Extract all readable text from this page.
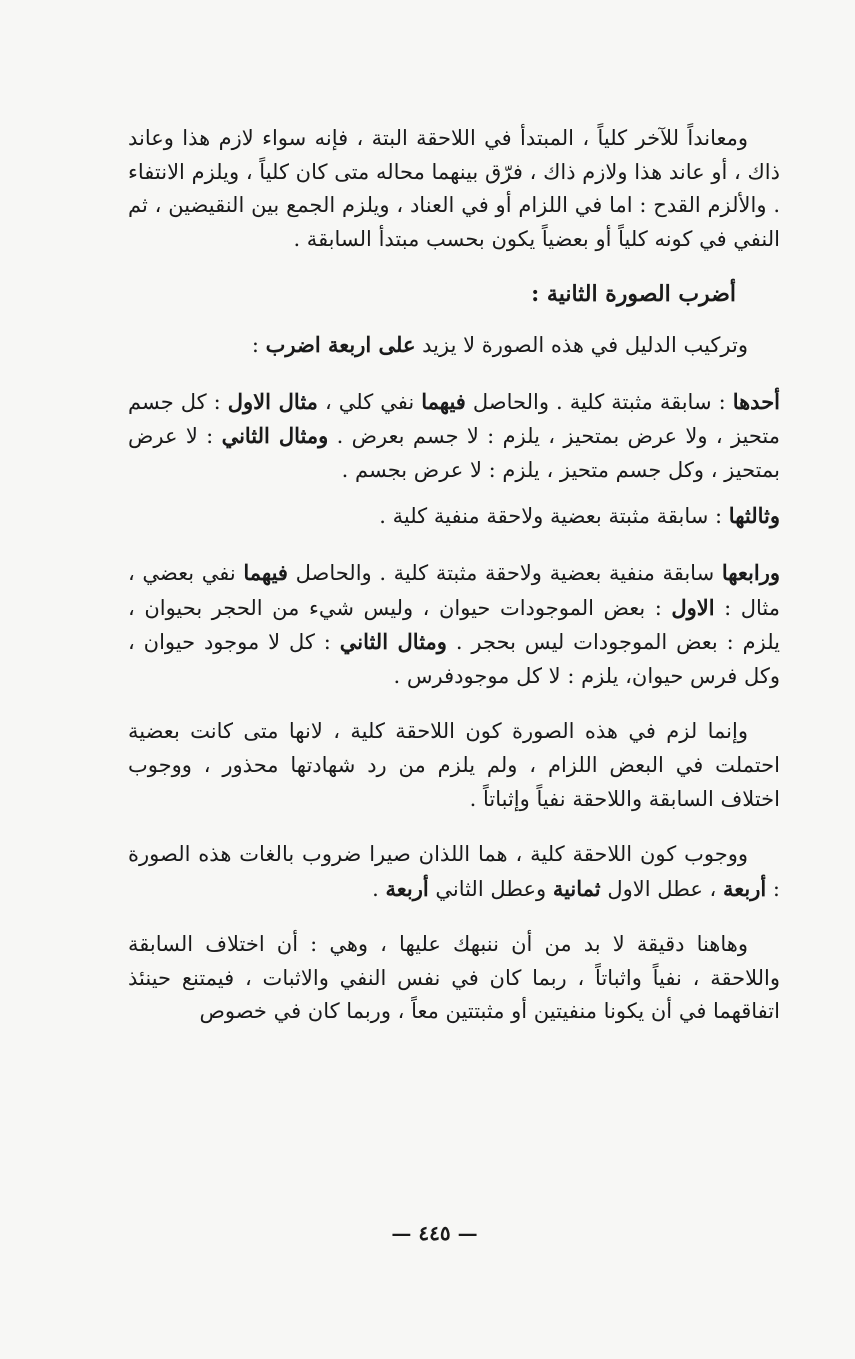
ومعانداً للآخر كلياً ، المبتدأ في اللاحقة البتة ، فإنه سواء لازم هذا وعاند ذاك ، أو عاند هذا ولازم ذاك ، فرّق بينهما محاله متى كان كلياً ، ويلزم الانتفاء . والألزم القدح : اما في اللزام أو في العناد ، ويلزم الجمع بين النقيضين ، ثم النفي في كونه كلياً أو بعضياً يكون بحسب مبتدأ السابقة .

أضرب الصورة الثانية :

وتركيب الدليل في هذه الصورة لا يزيد على اربعة اضرب :

أحدها : سابقة مثبتة كلية . والحاصل فيهما نفي كلي ، مثال الاول : كل جسم متحيز ، ولا عرض بمتحيز ، يلزم : لا جسم بعرض . ومثال الثاني : لا عرض بمتحيز ، وكل جسم متحيز ، يلزم : لا عرض بجسم .

وثالثها : سابقة مثبتة بعضية ولاحقة منفية كلية .

ورابعها سابقة منفية بعضية ولاحقة مثبتة كلية . والحاصل فيهما نفي بعضي ، مثال : الاول : بعض الموجودات حيوان ، وليس شيء من الحجر بحيوان ، يلزم : بعض الموجودات ليس بحجر . ومثال الثاني : كل لا موجود حيوان ، وكل فرس حيوان، يلزم : لا كل موجودفرس .

وإنما لزم في هذه الصورة كون اللاحقة كلية ، لانها متى كانت بعضية احتملت في البعض اللزام ، ولم يلزم من رد شهادتها محذور ، ووجوب اختلاف السابقة واللاحقة نفياً وإثباتاً .

ووجوب كون اللاحقة كلية ، هما اللذان صيرا ضروب بالغات هذه الصورة : أربعة ، عطل الاول ثمانية وعطل الثاني أربعة .

وهاهنا دقيقة لا بد من أن ننبهك عليها ، وهي : أن اختلاف السابقة واللاحقة ، نفياً واثباتاً ، ربما كان في نفس النفي والاثبات ، فيمتنع حينئذ اتفاقهما في أن يكونا منفيتين أو مثبتتين معاً ، وربما كان في خصوص

— ٤٤٥ —
